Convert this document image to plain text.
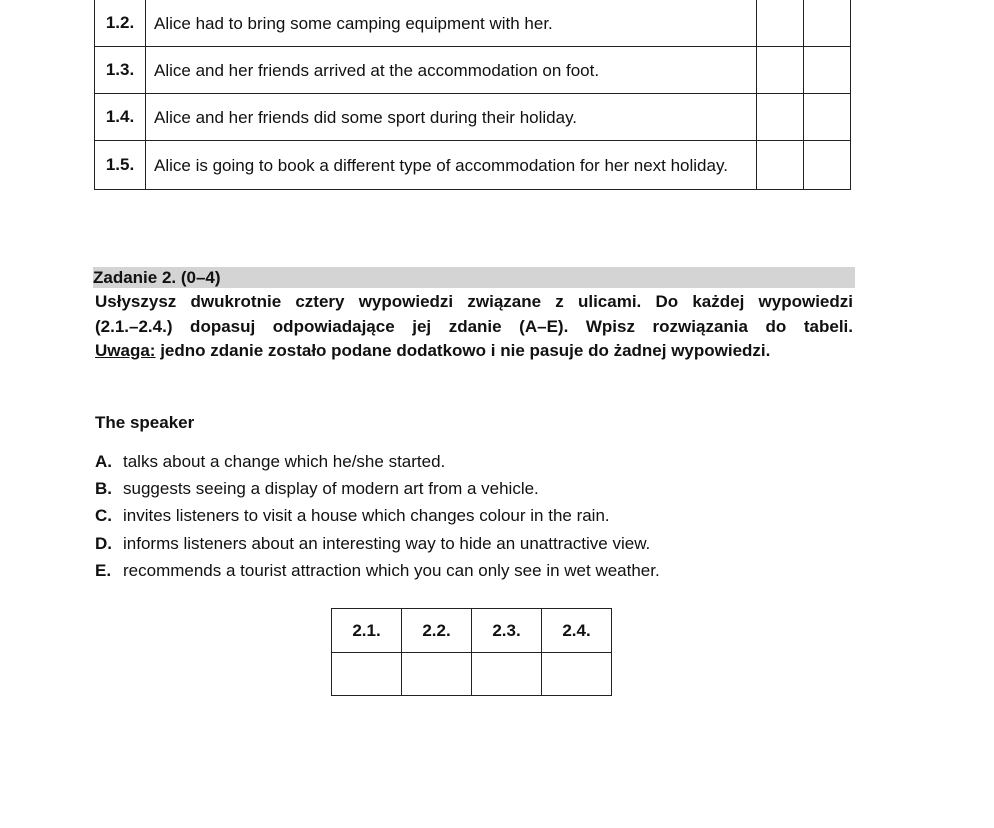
1.2.	Alice had to bring some camping equipment with her.		
1.3.	Alice and her friends arrived at the accommodation on foot.		
1.4.	Alice and her friends did some sport during their holiday.		
1.5.	Alice is going to book a different type of accommodation for her next holiday.		
Zadanie 2. (0–4)

Usłyszysz dwukrotnie cztery wypowiedzi związane z ulicami. Do każdej wypowiedzi

(2.1.–2.4.) dopasuj odpowiadające jej zdanie (A–E). Wpisz rozwiązania do tabeli.

Uwaga: jedno zdanie zostało podane dodatkowo i nie pasuje do żadnej wypowiedzi.

The speaker
A. talks about a change which he/she started.
B. suggests seeing a display of modern art from a vehicle.
C. invites listeners to visit a house which changes colour in the rain.
D. informs listeners about an interesting way to hide an unattractive view.
E. recommends a tourist attraction which you can only see in wet weather.
2.1.	2.2.	2.3.	2.4.
